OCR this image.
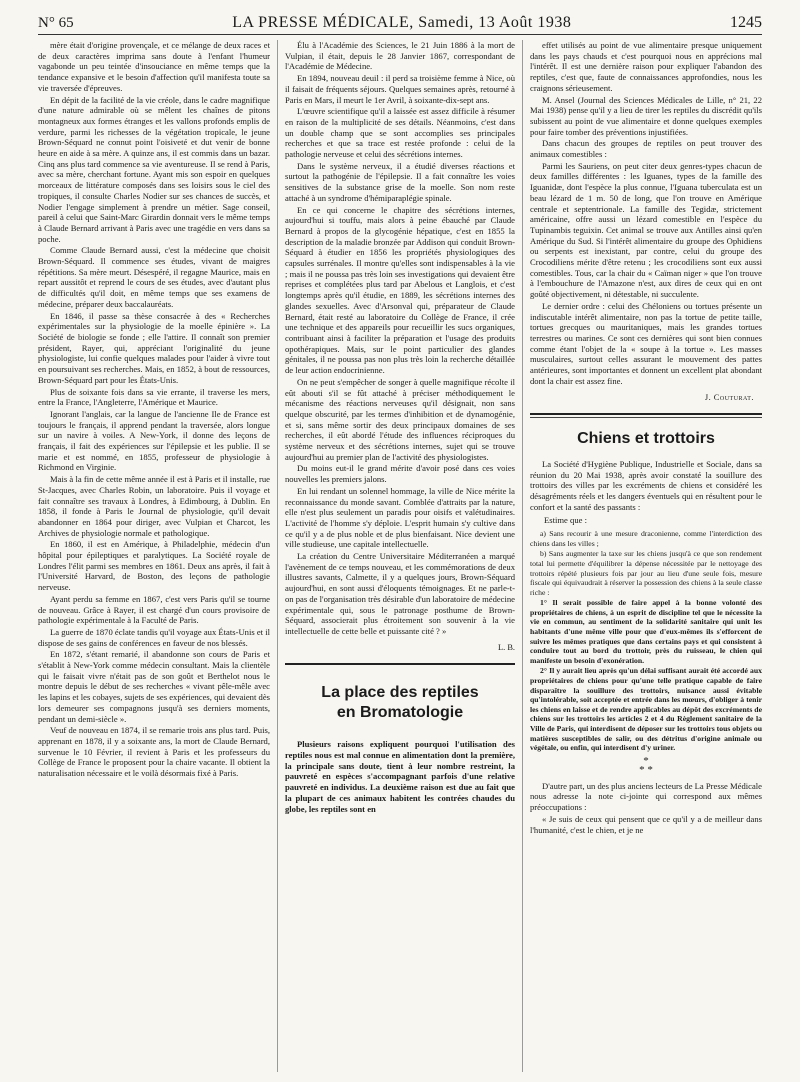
N° 65	LA PRESSE MÉDICALE, Samedi, 13 Août 1938	1245

mère était d'origine provençale, et ce mélange de deux races et de deux caractères imprima sans doute à l'enfant l'humeur vagabonde un peu teintée d'insouciance en même temps que la tendance expansive et le besoin d'affection qu'il manifesta toute sa vie traversée d'épreuves.

En dépit de la facilité de la vie créole, dans le cadre magnifique d'une nature admirable où se mêlent les chaînes de pitons montagneux aux formes étranges et les vallons profonds emplis de verdure, parmi les richesses de la végétation tropicale, le jeune Brown-Séquard ne connut point l'oisiveté et dut venir de bonne heure en aide à sa mère. A quinze ans, il est commis dans un bazar. Cinq ans plus tard commence sa vie aventureuse. Il se rend à Paris, avec sa mère, cherchant fortune. Ayant mis son espoir en quelques morceaux de littérature composés dans ses loisirs sous le ciel des tropiques, il consulte Charles Nodier sur ses chances de succès, et Nodier l'engage simplement à prendre un métier. Sage conseil, pareil à celui que Saint-Marc Girardin donnait vers le même temps à Claude Bernard arrivant à Paris avec une tragédie en vers dans sa poche.

Comme Claude Bernard aussi, c'est la médecine que choisit Brown-Séquard. Il commence ses études, vivant de maigres répétitions. Sa mère meurt. Désespéré, il regagne Maurice, mais en repart aussitôt et reprend le cours de ses études, avec d'autant plus de difficultés qu'il doit, en même temps que ses examens de médecine, préparer deux baccalauréats.

En 1846, il passe sa thèse consacrée à des « Recherches expérimentales sur la physiologie de la moelle épinière ». La Société de biologie se fonde ; elle l'attire. Il connaît son premier président, Rayer, qui, appréciant l'originalité du jeune physiologiste, lui confie quelques malades pour l'aider à vivre tout en poursuivant ses recherches. Mais, en 1852, à bout de ressources, Brown-Séquard part pour les États-Unis.

Plus de soixante fois dans sa vie errante, il traverse les mers, entre la France, l'Angleterre, l'Amérique et Maurice.

Ignorant l'anglais, car la langue de l'ancienne Ile de France est toujours le français, il apprend pendant la traversée, alors longue sur un navire à voiles. A New-York, il donne des leçons de français, il fait des expériences sur l'épilepsie et les publie. Il se marie et est nommé, en 1855, professeur de physiologie à Richmond en Virginie.

Mais à la fin de cette même année il est à Paris et il installe, rue St-Jacques, avec Charles Robin, un laboratoire. Puis il voyage et fait connaître ses travaux à Londres, à Edimbourg, à Dublin. En 1858, il fonde à Paris le Journal de physiologie, qu'il devait abandonner en 1864 pour diriger, avec Vulpian et Charcot, les Archives de physiologie normale et pathologique.

En 1860, il est en Amérique, à Philadelphie, médecin d'un hôpital pour épileptiques et paralytiques. La Société royale de Londres l'élit parmi ses membres en 1861. Deux ans après, il fait à l'Université Harvard, de Boston, des leçons de pathologie nerveuse.

Ayant perdu sa femme en 1867, c'est vers Paris qu'il se tourne de nouveau. Grâce à Rayer, il est chargé d'un cours provisoire de pathologie expérimentale à la Faculté de Paris.

La guerre de 1870 éclate tandis qu'il voyage aux États-Unis et il dispose de ses gains de conférences en faveur de nos blessés.

En 1872, s'étant remarié, il abandonne son cours de Paris et s'établit à New-York comme médecin consultant. Mais la clientèle qui le faisait vivre n'était pas de son goût et Berthelot nous le montre depuis le début de ses recherches « vivant pêle-mêle avec les lapins et les cobayes, sujets de ses expériences, qui devaient dès lors demeurer ses compagnons jusqu'à ses derniers moments, pendant un demi-siècle ».

Veuf de nouveau en 1874, il se remarie trois ans plus tard. Puis, apprenant en 1878, il y a soixante ans, la mort de Claude Bernard, survenue le 10 Février, il revient à Paris et les professeurs du Collège de France le proposent pour la chaire vacante. Il obtient la naturalisation nécessaire et le voilà désormais fixé à Paris.

Élu à l'Académie des Sciences, le 21 Juin 1886 à la mort de Vulpian, il était, depuis le 28 Janvier 1867, correspondant de l'Académie de Médecine.

En 1894, nouveau deuil : il perd sa troisième femme à Nice, où il faisait de fréquents séjours. Quelques semaines après, retourné à Paris en Mars, il meurt le 1er Avril, à soixante-dix-sept ans.

L'œuvre scientifique qu'il a laissée est assez difficile à résumer en raison de la multiplicité de ses détails. Néanmoins, c'est dans un double champ que se sont accomplies ses principales recherches et que sa trace est restée profonde : celui de la pathologie nerveuse et celui des sécrétions internes.

Dans le système nerveux, il a étudié diverses réactions et surtout la pathogénie de l'épilepsie. Il a fait connaître les voies sensitives de la substance grise de la moelle. Son nom reste attaché à un syndrome d'hémiparaplégie spinale.

En ce qui concerne le chapitre des sécrétions internes, aujourd'hui si touffu, mais alors à peine ébauché par Claude Bernard à propos de la glycogénie hépatique, c'est en 1855 la description de la maladie bronzée par Addison qui conduit Brown-Séquard à étudier en 1856 les propriétés physiologiques des capsules surrénales. Il montre qu'elles sont indispensables à la vie ; mais il ne poussa pas très loin ses investigations qui devaient être reprises et complétées plus tard par Abelous et Langlois, et c'est longtemps après qu'il étudie, en 1889, les sécrétions internes des glandes sexuelles. Avec d'Arsonval qui, préparateur de Claude Bernard, était resté au laboratoire du Collège de France, il crée une technique et des appareils pour recueillir les sucs organiques, contribuant ainsi à faciliter la préparation et l'usage des produits opothérapiques. Mais, sur le point particulier des glandes génitales, il ne poussa pas non plus très loin la recherche détaillée de leur action endocrinienne.

On ne peut s'empêcher de songer à quelle magnifique récolte il eût abouti s'il se fût attaché à préciser méthodiquement le mécanisme des réactions nerveuses qu'il désignait, non sans quelque obscurité, par les termes d'inhibition et de dynamogénie, et si, sans même sortir des deux principaux domaines de ses recherches, il eût abordé l'étude des influences réciproques du système nerveux et des sécrétions internes, sujet qui se trouve aujourd'hui au premier plan de l'activité des physiologistes.

Du moins eut-il le grand mérite d'avoir posé dans ces voies nouvelles les premiers jalons.

En lui rendant un solennel hommage, la ville de Nice mérite la reconnaissance du monde savant. Comblée d'attraits par la nature, elle n'est plus seulement un paradis pour oisifs et valétudinaires. L'activité de l'homme s'y déploie. L'esprit humain s'y cultive dans ce qu'il y a de plus noble et de plus bienfaisant. Nice devient une ville studieuse, une capitale intellectuelle.

La création du Centre Universitaire Méditerranéen a marqué l'avènement de ce temps nouveau, et les commémorations de deux illustres savants, Calmette, il y a quelques jours, Brown-Séquard aujourd'hui, en sont aussi d'éloquents témoignages. Et ne parle-t-on pas de l'organisation très désirable d'un laboratoire de médecine expérimentale qui, sous le patronage posthume de Brown-Séquard, associerait plus étroitement son souvenir à la vie intellectuelle de cette belle et puissante cité ? »

L. B.
La place des reptiles
en Bromatologie

Plusieurs raisons expliquent pourquoi l'utilisation des reptiles nous est mal connue en alimentation dont la première, la principale sans doute, tient à leur nombre restreint, la pauvreté en espèces s'accompagnant parfois d'une relative pauvreté en individus. La deuxième raison est due au fait que la plupart de ces animaux habitent les contrées chaudes du globe, les reptiles sont en

effet utilisés au point de vue alimentaire presque uniquement dans les pays chauds et c'est pourquoi nous en apprécions mal l'intérêt. Il est une dernière raison pour expliquer l'abandon des reptiles, c'est que, faute de connaissances approfondies, nous les craignons sérieusement.

M. Ansel (Journal des Sciences Médicales de Lille, n° 21, 22 Mai 1938) pense qu'il y a lieu de tirer les reptiles du discrédit qu'ils subissent au point de vue alimentaire et donne quelques exemples pour faire tomber des préventions injustifiées.

Dans chacun des groupes de reptiles on peut trouver des animaux comestibles :

Parmi les Sauriens, on peut citer deux genres-types chacun de deux familles différentes : les Iguanes, types de la famille des Iguanidæ, dont l'espèce la plus connue, l'Iguana tuberculata est un beau lézard de 1 m. 50 de long, que l'on trouve en Amérique centrale et septentrionale. La famille des Tegidæ, strictement américaine, offre aussi un lézard comestible en l'espèce du Tupinambis teguixin. Cet animal se trouve aux Antilles ainsi qu'en Amérique du Sud. Si l'intérêt alimentaire du groupe des Ophidiens ou serpents est inexistant, par contre, celui du groupe des Crocodiliens mérite d'être retenu ; les crocodiliens sont eux aussi comestibles. Tous, car la chair du « Caïman niger » que l'on trouve à l'embouchure de l'Amazone n'est, aux dires de ceux qui en ont goûté objectivement, ni détestable, ni succulente.

Le dernier ordre : celui des Chéloniens ou tortues présente un indiscutable intérêt alimentaire, non pas la tortue de petite taille, tortues grecques ou mauritaniques, mais les grandes tortues terrestres ou marines. Ce sont ces dernières qui sont bien connues comme étant l'objet de la « soupe à la tortue ». Les masses musculaires, surtout celles assurant le mouvement des pattes antérieures, sont importantes et donnent un excellent plat abondant dont la chair est assez fine.

J. Couturat.
Chiens et trottoirs

La Société d'Hygiène Publique, Industrielle et Sociale, dans sa réunion du 20 Mai 1938, après avoir constaté la souillure des trottoirs des villes par les excréments de chiens et considéré les désagréments réels et les dangers éventuels qui en résultent pour le confort et la santé des passants :

Estime que :

a) Sans recourir à une mesure draconienne, comme l'interdiction des chiens dans les villes ;

b) Sans augmenter la taxe sur les chiens jusqu'à ce que son rendement total lui permette d'équilibrer la dépense nécessitée par le nettoyage des trottoirs répété plusieurs fois par jour au lieu d'une seule fois, mesure fiscale qui équivaudrait à réserver la possession des chiens à la seule classe riche :

1° Il serait possible de faire appel à la bonne volonté des propriétaires de chiens, à un esprit de discipline tel que le nécessite la vie en commun, au sentiment de la solidarité sanitaire qui unit les habitants d'une même ville pour que d'eux-mêmes ils s'efforcent de suivre les mêmes pratiques que dans certains pays et qui consistent à conduire tout au bord du trottoir, près du ruisseau, le chien qui manifeste un besoin d'exonération.

2° Il y aurait lieu après qu'un délai suffisant aurait été accordé aux propriétaires de chiens pour qu'une telle pratique capable de faire disparaître la souillure des trottoirs, nuisance aussi évitable qu'intolérable, soit acceptée et entrée dans les mœurs, d'obliger à tenir les chiens en laisse et de rendre applicables au dépôt des excréments de chiens sur les trottoirs les articles 2 et 4 du Règlement sanitaire de la Ville de Paris, qui interdisent de déposer sur les trottoirs tous objets ou matières susceptibles de salir, ou des détritus d'origine animale ou végétale, ou enfin, qui interdisent d'y uriner.

*
* *

D'autre part, un des plus anciens lecteurs de La Presse Médicale nous adresse la note ci-jointe qui correspond aux mêmes préoccupations :

« Je suis de ceux qui pensent que ce qu'il y a de meilleur dans l'humanité, c'est le chien, et je ne
